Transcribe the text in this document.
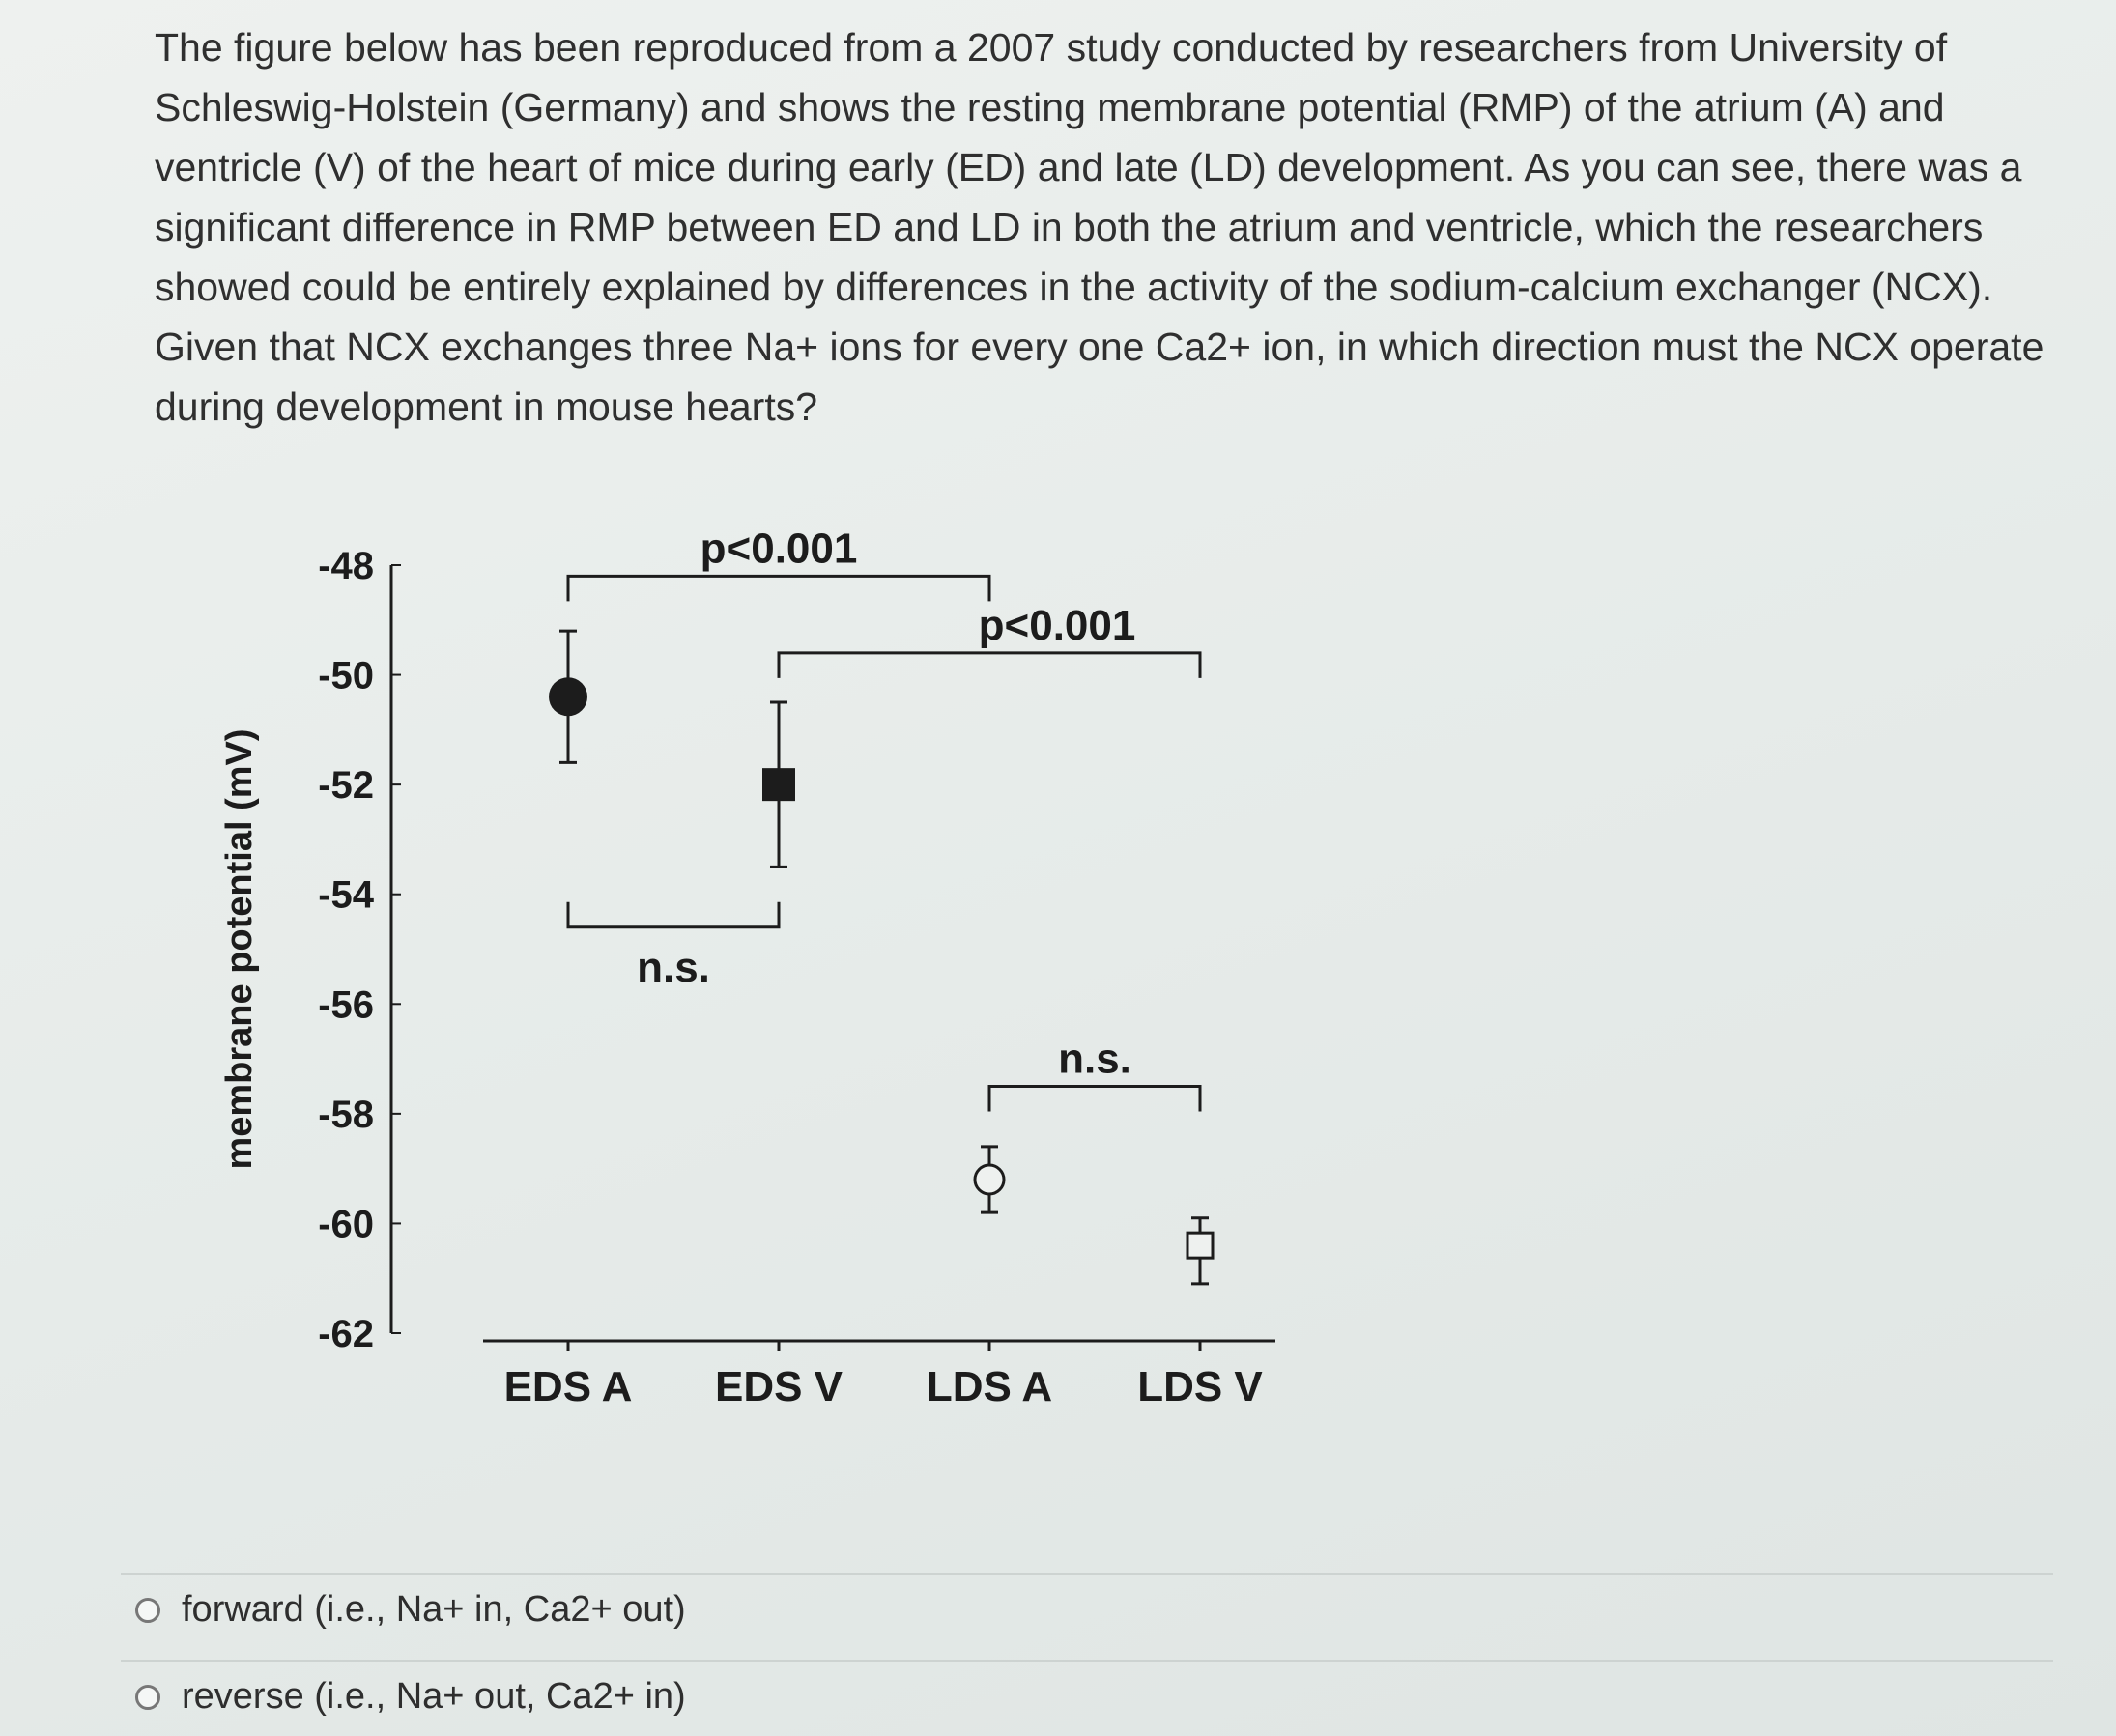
The figure below has been reproduced from a 2007 study conducted by researchers from University of Schleswig-Holstein (Germany) and shows the resting membrane potential (RMP) of the atrium (A) and ventricle (V) of the heart of mice during early (ED) and late (LD) development. As you can see, there was a significant difference in RMP between ED and LD in both the atrium and ventricle, which the researchers showed could be entirely explained by differences in the activity of the sodium-calcium exchanger (NCX). Given that NCX exchanges three Na+ ions for every one Ca2+ ion, in which direction must the NCX operate during development in mouse hearts?

-48
-50
-52
-54
-56
-58
-60
-62
membrane potential (mV)
EDS A EDS V LDS A LDS V
p<0.001
p<0.001
n.s.
n.s.
forward (i.e., Na+ in, Ca2+ out)
reverse (i.e., Na+ out, Ca2+ in)
